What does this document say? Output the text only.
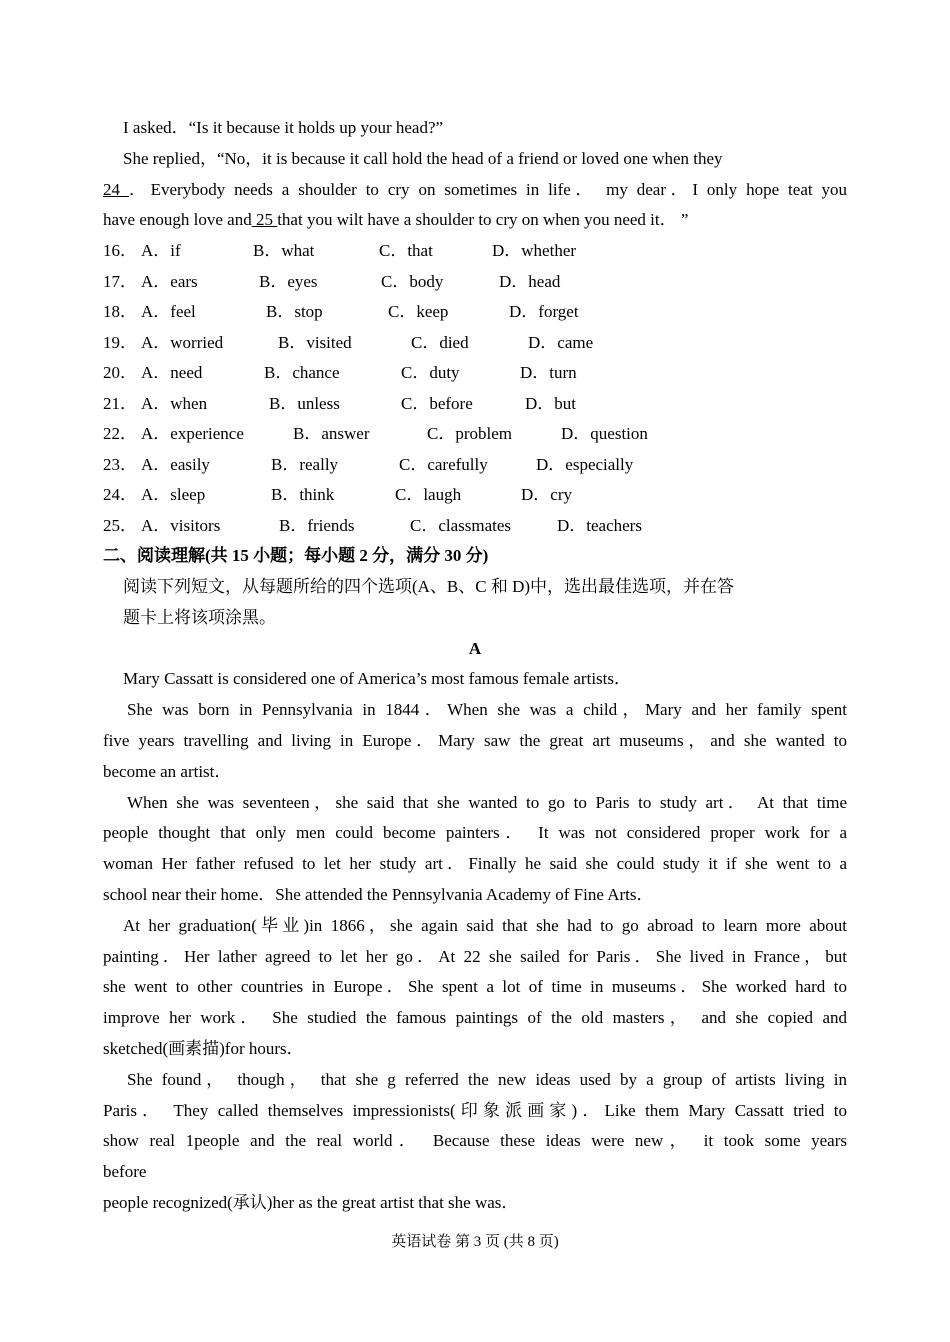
I asked．“Is it because it holds up your head?”
She replied，“No，it is because it call hold the head of a friend or loved one when they
24 ．Everybody needs a shoulder to cry on sometimes in life． my dear．I only hope teat you
have enough love and 25 that you wilt have a shoulder to cry on when you need it． ”
16． A．if	B．what	C．that	D．whether
17． A．ears	B．eyes	C．body	D．head
18． A．feel	B．stop	C．keep	D．forget
19． A．worried	B．visited	C．died	D．came
20． A．need	B．chance	C．duty	D．turn
21． A．when	B．unless	C．before	D．but
22． A．experience	B．answer	C．problem	D．question
23． A．easily	B．really	C．carefully	D．especially
24． A．sleep	B．think	C．laugh	D．cry
25． A．visitors	B．friends	C．classmates	D．teachers
二、阅读理解(共 15 小题；每小题 2 分，满分 30 分)
阅读下列短文，从每题所给的四个选项(A、B、C 和 D)中，选出最佳选项，并在答
题卡上将该项涂黑。
A
Mary Cassatt is considered one of America’s most famous female artists．
She was born in Pennsylvania in 1844．When she was a child，Mary and her family spent
five years travelling and living in Europe．Mary saw the great art museums，and she wanted to
become an artist．
When she was seventeen，she said that she wanted to go to Paris to study art． At that time
people thought that only men could become painters． It was not considered proper work for a
woman Her father refused to let her study art．Finally he said she could study it if she went to a
school near their home．She attended the Pennsylvania Academy of Fine Arts．
At her graduation(毕业)in 1866，she again said that she had to go abroad to learn more about
painting．Her lather agreed to let her go．At 22 she sailed for Paris．She lived in France，but
she went to other countries in Europe．She spent a lot of time in museums．She worked hard to
improve her work． She studied the famous paintings of the old masters， and she copied and
sketched(画素描)for hours．
She found， though， that she g referred the new ideas used by a group of artists living in
Paris． They called themselves impressionists(印象派画家)．Like them Mary Cassatt tried to
show real 1people and the real world． Because these ideas were new， it took some years
before
people recognized(承认)her as the great artist that she was．
英语试卷 第 3 页 (共 8 页)
